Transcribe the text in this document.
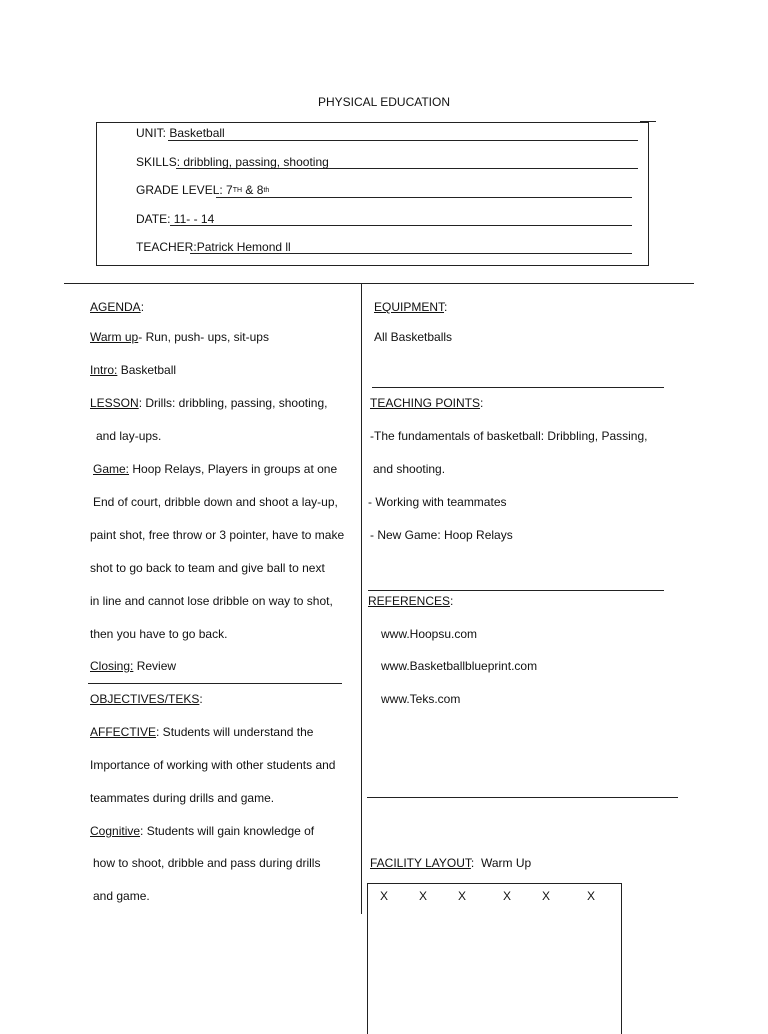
PHYSICAL EDUCATION
UNIT: Basketball
SKILLS: dribbling, passing, shooting
GRADE LEVEL: 7TH & 8th
DATE: 11- - 14
TEACHER:Patrick Hemond ll
AGENDA:
Warm up- Run, push- ups, sit-ups
Intro: Basketball
LESSON: Drills: dribbling, passing, shooting,
and lay-ups.
Game: Hoop Relays, Players in groups at one
End of court, dribble down and shoot a lay-up,
paint shot, free throw or 3 pointer, have to make
shot to go back to team and give ball to next
in line and cannot lose dribble on way to shot,
then you have to go back.
Closing: Review
OBJECTIVES/TEKS:
AFFECTIVE: Students will understand the
Importance of working with other students and
teammates during drills and game.
Cognitive: Students will gain knowledge of
how to shoot, dribble and pass during drills
and game.
EQUIPMENT:
All Basketballs
TEACHING POINTS:
-The fundamentals of basketball: Dribbling, Passing,
and shooting.
- Working with teammates
- New Game: Hoop Relays
REFERENCES:
www.Hoopsu.com
www.Basketballblueprint.com
www.Teks.com
FACILITY LAYOUT: Warm Up
X	X	X	X	X	X
